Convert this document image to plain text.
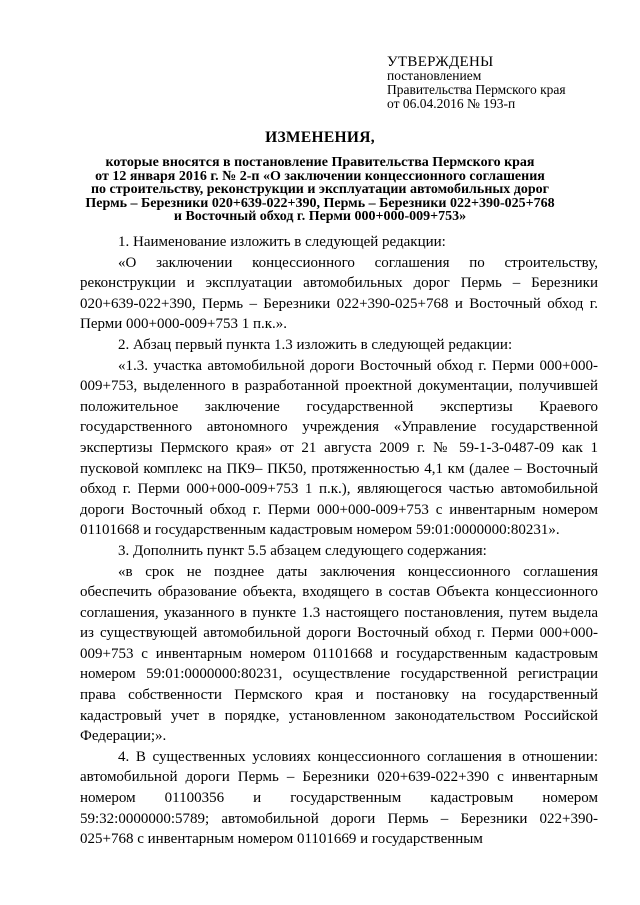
УТВЕРЖДЕНЫ
постановлением
Правительства Пермского края
от 06.04.2016 № 193-п
ИЗМЕНЕНИЯ,
которые вносятся в постановление Правительства Пермского края
от 12 января 2016 г. № 2-п «О заключении концессионного соглашения
по строительству, реконструкции и эксплуатации автомобильных дорог
Пермь – Березники 020+639-022+390, Пермь – Березники 022+390-025+768
и Восточный обход г. Перми 000+000-009+753»

1. Наименование изложить в следующей редакции:

«О заключении концессионного соглашения по строительству, реконструкции и эксплуатации автомобильных дорог Пермь – Березники 020+639-022+390, Пермь – Березники 022+390-025+768 и Восточный обход г. Перми 000+000-009+753 1 п.к.».

2. Абзац первый пункта 1.3 изложить в следующей редакции:

«1.3. участка автомобильной дороги Восточный обход г. Перми 000+000-009+753, выделенного в разработанной проектной документации, получившей положительное заключение государственной экспертизы Краевого государственного автономного учреждения «Управление государственной экспертизы Пермского края» от 21 августа 2009 г. № 59-1-3-0487-09 как 1 пусковой комплекс на ПК9– ПК50, протяженностью 4,1 км (далее – Восточный обход г. Перми 000+000-009+753 1 п.к.), являющегося частью автомобильной дороги Восточный обход г. Перми 000+000-009+753 с инвентарным номером 01101668 и государственным кадастровым номером 59:01:0000000:80231».

3. Дополнить пункт 5.5 абзацем следующего содержания:

«в срок не позднее даты заключения концессионного соглашения обеспечить образование объекта, входящего в состав Объекта концессионного соглашения, указанного в пункте 1.3 настоящего постановления, путем выдела из существующей автомобильной дороги Восточный обход г. Перми 000+000-009+753 с инвентарным номером 01101668 и государственным кадастровым номером 59:01:0000000:80231, осуществление государственной регистрации права собственности Пермского края и постановку на государственный кадастровый учет в порядке, установленном законодательством Российской Федерации;».

4. В существенных условиях концессионного соглашения в отношении: автомобильной дороги Пермь – Березники 020+639-022+390 с инвентарным номером 01100356 и государственным кадастровым номером 59:32:0000000:5789; автомобильной дороги Пермь – Березники 022+390-025+768 с инвентарным номером 01101669 и государственным
